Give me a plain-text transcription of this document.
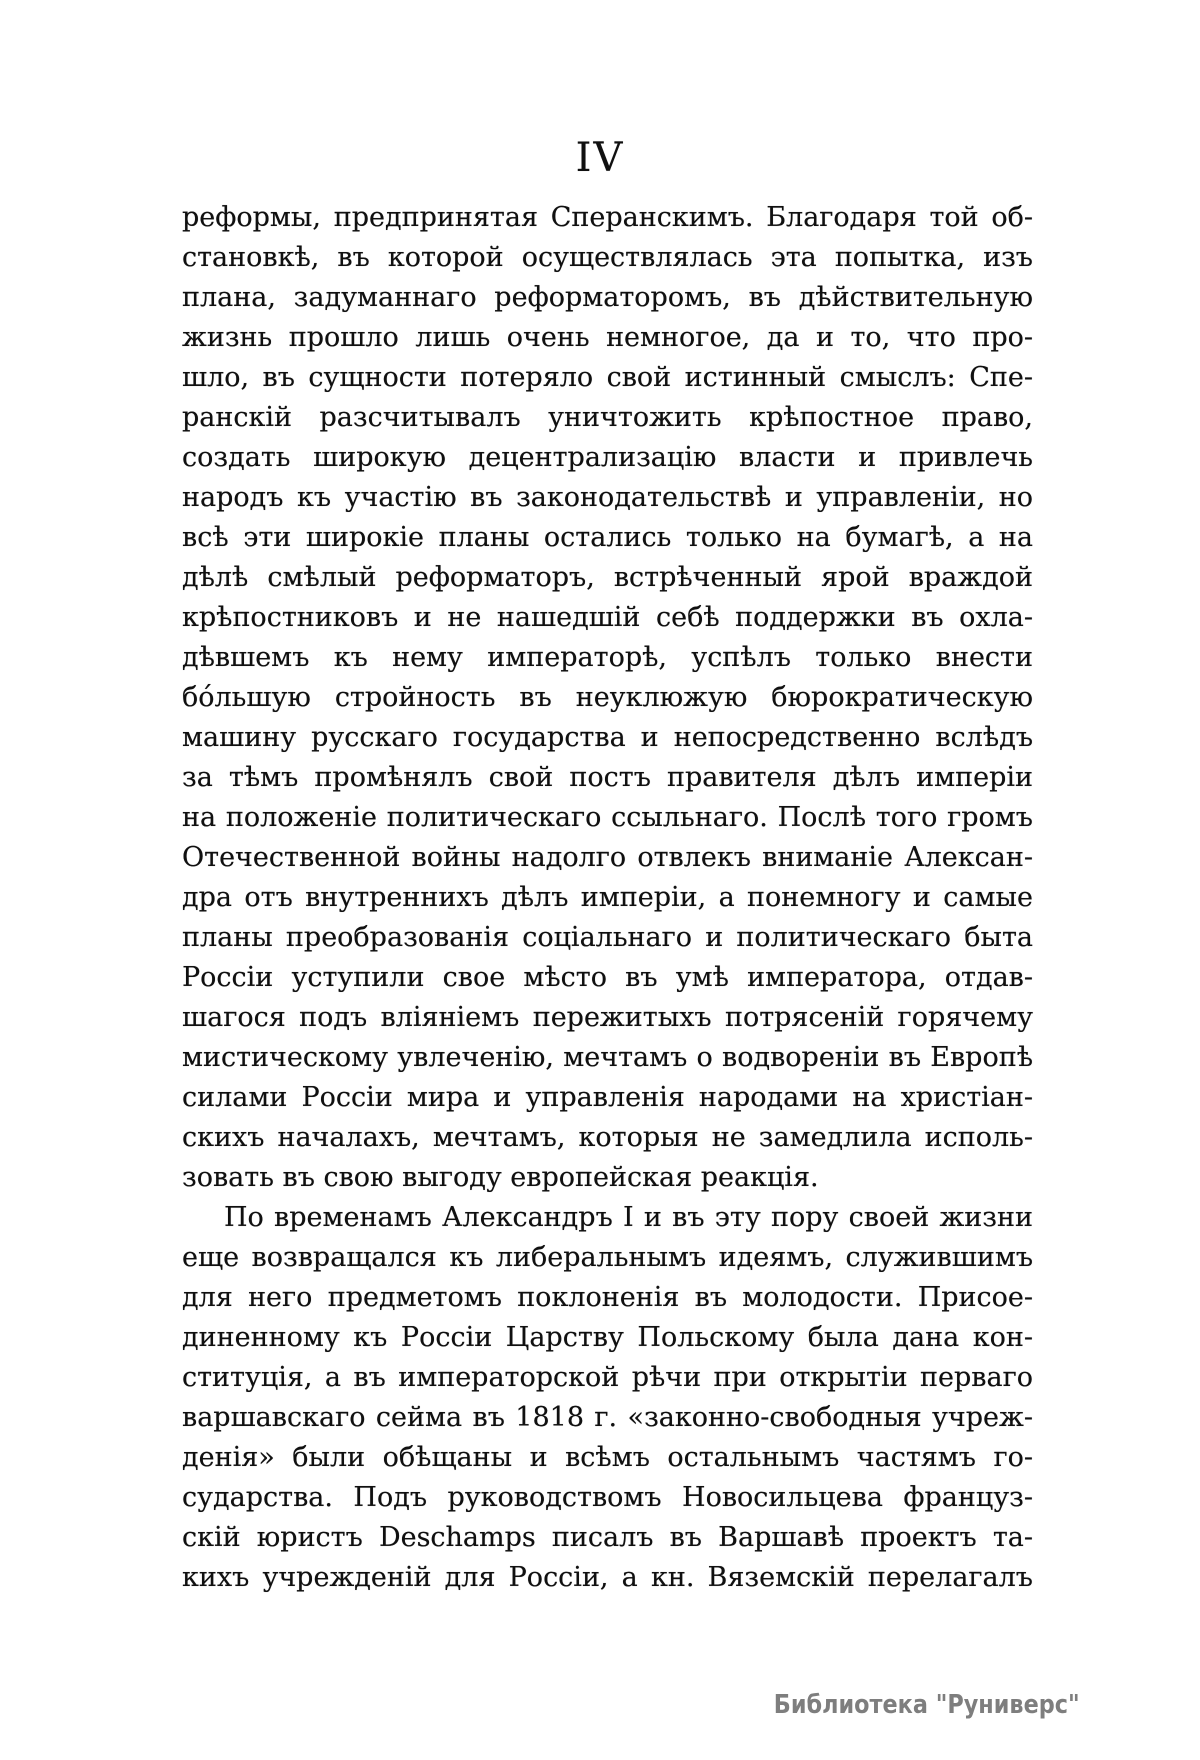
IV
реформы, предпринятая Сперанскимъ. Благодаря той об-
становкѣ, въ которой осуществлялась эта попытка, изъ
плана, задуманнаго реформаторомъ, въ дѣйствительную
жизнь прошло лишь очень немногое, да и то, что про-
шло, въ сущности потеряло свой истинный смыслъ: Спе-
ранскій разсчитывалъ уничтожить крѣпостное право,
создать широкую децентрализацію власти и привлечь
народъ къ участію въ законодательствѣ и управленіи, но
всѣ эти широкіе планы остались только на бумагѣ, а на
дѣлѣ смѣлый реформаторъ, встрѣченный ярой враждой
крѣпостниковъ и не нашедшій себѣ поддержки въ охла-
дѣвшемъ къ нему императорѣ, успѣлъ только внести
бо́льшую стройность въ неуклюжую бюрократическую
машину русскаго государства и непосредственно вслѣдъ
за тѣмъ промѣнялъ свой постъ правителя дѣлъ имперіи
на положеніе политическаго ссыльнаго. Послѣ того громъ
Отечественной войны надолго отвлекъ вниманіе Алексан-
дра отъ внутреннихъ дѣлъ имперіи, а понемногу и самые
планы преобразованія соціальнаго и политическаго быта
Россіи уступили свое мѣсто въ умѣ императора, отдав-
шагося подъ вліяніемъ пережитыхъ потрясеній горячему
мистическому увлеченію, мечтамъ о водвореніи въ Европѣ
силами Россіи мира и управленія народами на христіан-
скихъ началахъ, мечтамъ, которыя не замедлила исполь-
зовать въ свою выгоду европейская реакція.
По временамъ Александръ I и въ эту пору своей жизни
еще возвращался къ либеральнымъ идеямъ, служившимъ
для него предметомъ поклоненія въ молодости. Присое-
диненному къ Россіи Царству Польскому была дана кон-
ституція, а въ императорской рѣчи при открытіи перваго
варшавскаго сейма въ 1818 г. «законно-свободныя учреж-
денія» были обѣщаны и всѣмъ остальнымъ частямъ го-
сударства. Подъ руководствомъ Новосильцева француз-
скій юристъ Deschamps писалъ въ Варшавѣ проектъ та-
кихъ учрежденій для Россіи, а кн. Вяземскій перелагалъ
Библиотека "Руниверс"
